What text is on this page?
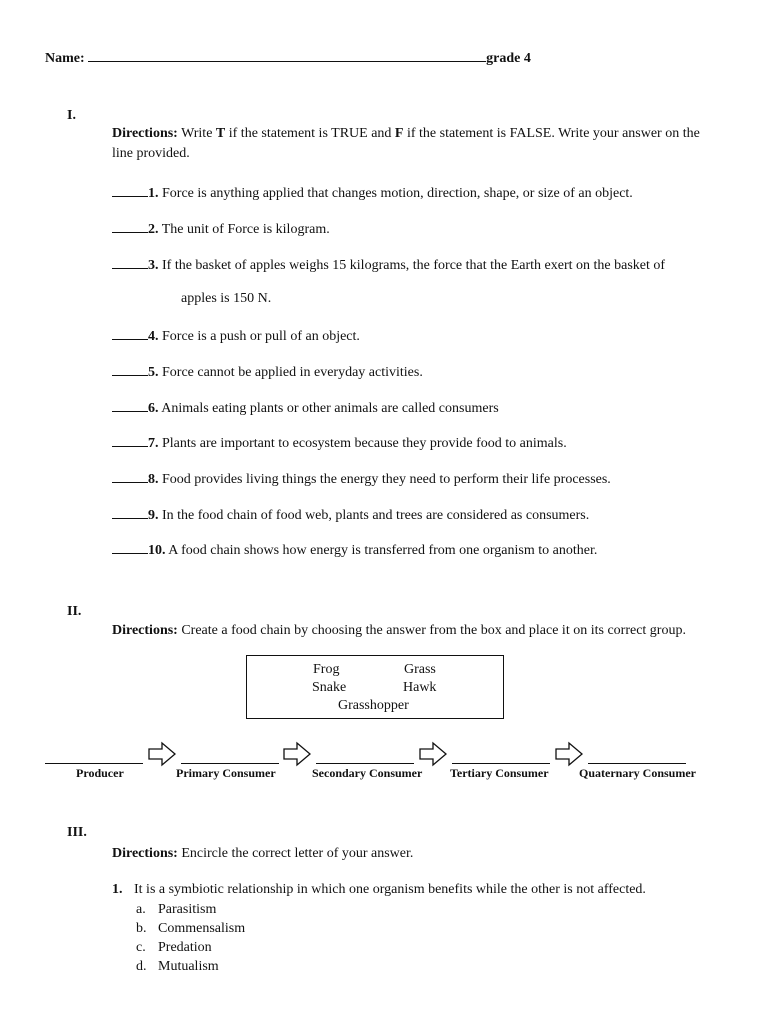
Name:	grade 4
I.
Directions: Write T if the statement is TRUE and F if the statement is FALSE. Write your answer on the line provided.
1. Force is anything applied that changes motion, direction, shape, or size of an object.
2. The unit of Force is kilogram.
3. If the basket of apples weighs 15 kilograms, the force that the Earth exert on the basket of
apples is 150 N.
4. Force is a push or pull of an object.
5. Force cannot be applied in everyday activities.
6. Animals eating plants or other animals are called consumers
7. Plants are important to ecosystem because they provide food to animals.
8. Food provides living things the energy they need to perform their life processes.
9. In the food chain of food web, plants and trees are considered as consumers.
10. A food chain shows how energy is transferred from one organism to another.
II.
Directions: Create a food chain by choosing the answer from the box and place it on its correct group.
Frog	Grass
Snake	Hawk
Grasshopper
Producer	Primary Consumer	Secondary Consumer Tertiary Consumer	Quaternary Consumer
III.
Directions: Encircle the correct letter of your answer.
1. It is a symbiotic relationship in which one organism benefits while the other is not affected.
a. Parasitism
b. Commensalism
c. Predation
d. Mutualism
